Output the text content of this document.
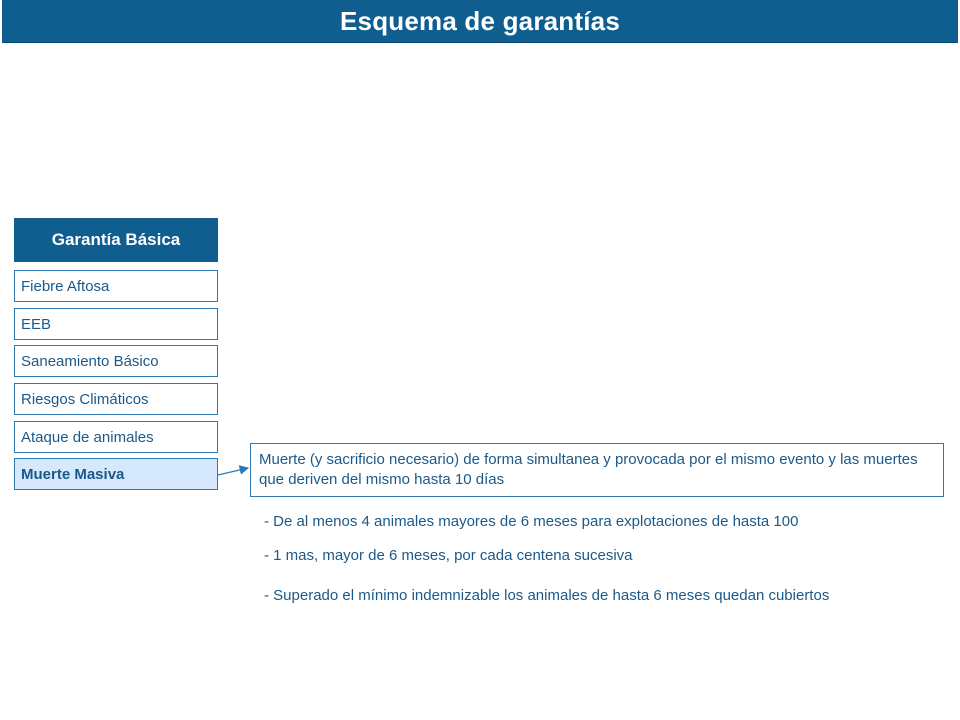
Esquema de garantías
Garantía Básica
Fiebre Aftosa
EEB
Saneamiento Básico
Riesgos Climáticos
Ataque de animales
Muerte Masiva
Muerte (y sacrificio necesario) de forma simultanea y provocada por el mismo evento y las muertes que deriven del mismo hasta 10 días
- De al menos 4 animales mayores de 6 meses para explotaciones de hasta 100
- 1 mas, mayor de 6 meses, por cada centena sucesiva
- Superado el mínimo indemnizable los animales de hasta 6 meses quedan cubiertos
